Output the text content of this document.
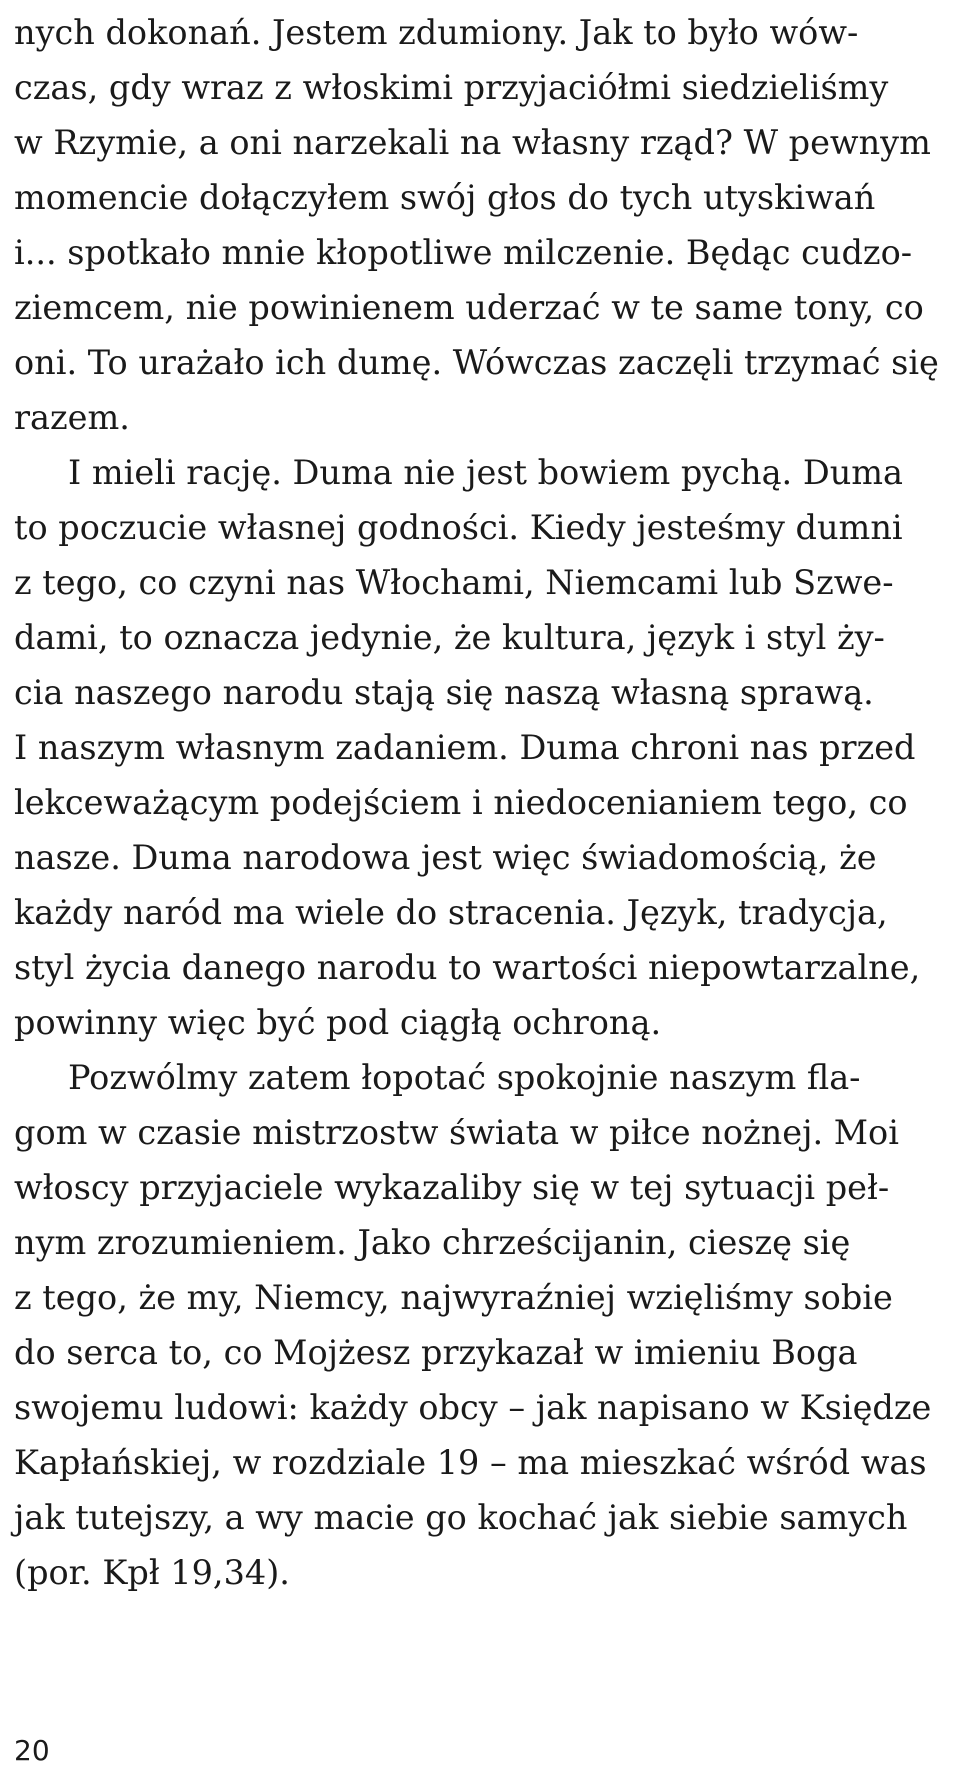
nych dokonań. Jestem zdumiony. Jak to było wów-
czas, gdy wraz z włoskimi przyjaciółmi siedzieliśmy
w Rzymie, a oni narzekali na własny rząd? W pewnym
momencie dołączyłem swój głos do tych utyskiwań
i... spotkało mnie kłopotliwe milczenie. Będąc cudzo-
ziemcem, nie powinienem uderzać w te same tony, co
oni. To urażało ich dumę. Wówczas zaczęli trzymać się
razem.
I mieli rację. Duma nie jest bowiem pychą. Duma
to poczucie własnej godności. Kiedy jesteśmy dumni
z tego, co czyni nas Włochami, Niemcami lub Szwe-
dami, to oznacza jedynie, że kultura, język i styl ży-
cia naszego narodu stają się naszą własną sprawą.
I naszym własnym zadaniem. Duma chroni nas przed
lekceważącym podejściem i niedocenianiem tego, co
nasze. Duma narodowa jest więc świadomością, że
każdy naród ma wiele do stracenia. Język, tradycja,
styl życia danego narodu to wartości niepowtarzalne,
powinny więc być pod ciągłą ochroną.
Pozwólmy zatem łopotać spokojnie naszym fla-
gom w czasie mistrzostw świata w piłce nożnej. Moi
włoscy przyjaciele wykazaliby się w tej sytuacji peł-
nym zrozumieniem. Jako chrześcijanin, cieszę się
z tego, że my, Niemcy, najwyraźniej wzięliśmy sobie
do serca to, co Mojżesz przykazał w imieniu Boga
swojemu ludowi: każdy obcy – jak napisano w Księdze
Kapłańskiej, w rozdziale 19 – ma mieszkać wśród was
jak tutejszy, a wy macie go kochać jak siebie samych
(por. Kpł 19,34).
20
